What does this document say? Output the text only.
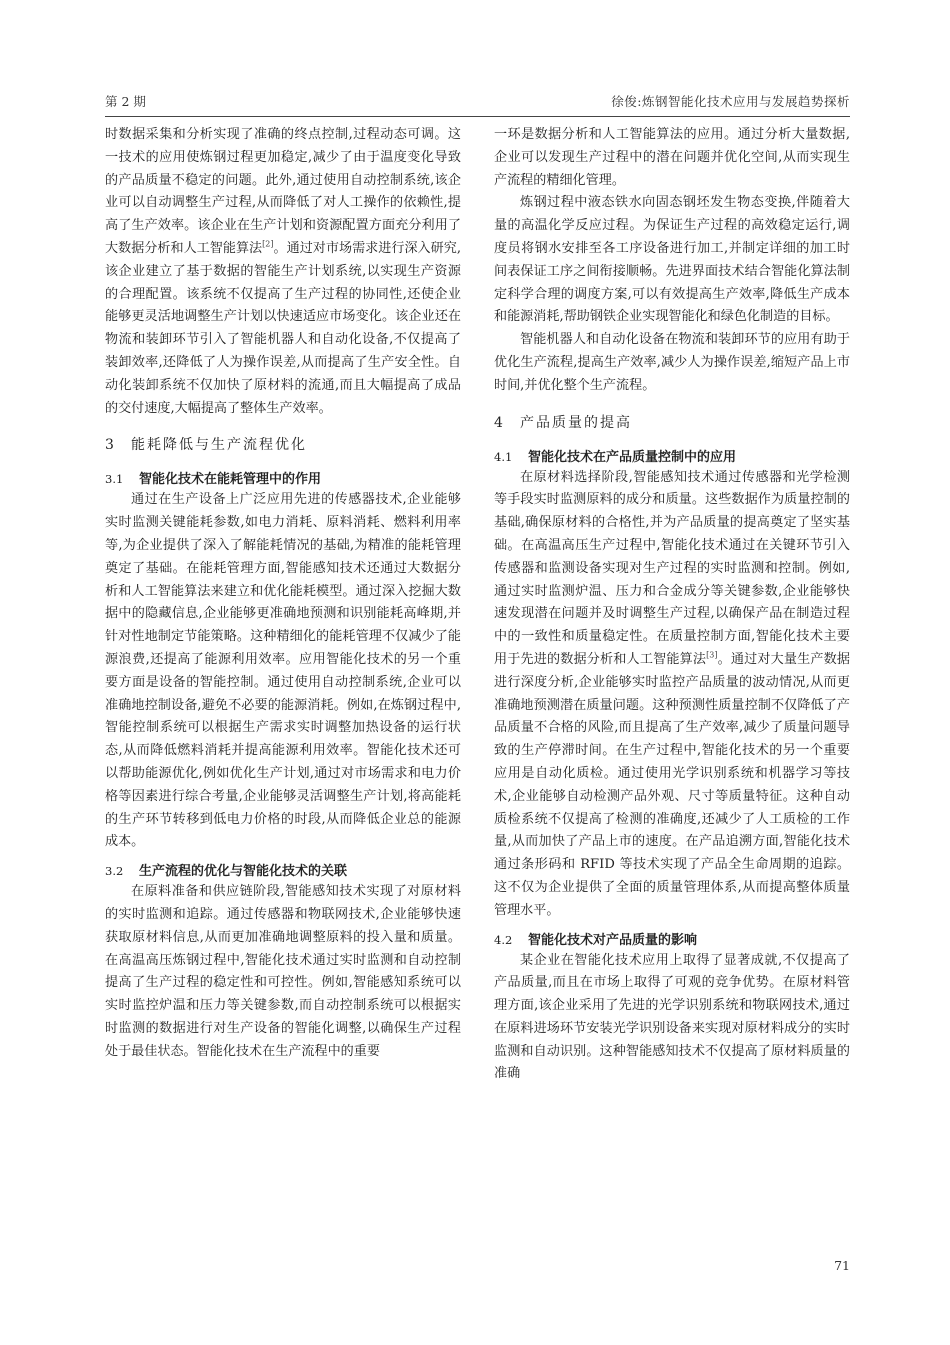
第 2 期	徐俊:炼钢智能化技术应用与发展趋势探析

时数据采集和分析实现了准确的终点控制,过程动态可调。这一技术的应用使炼钢过程更加稳定,减少了由于温度变化导致的产品质量不稳定的问题。此外,通过使用自动控制系统,该企业可以自动调整生产过程,从而降低了对人工操作的依赖性,提高了生产效率。该企业在生产计划和资源配置方面充分利用了大数据分析和人工智能算法[2]。通过对市场需求进行深入研究,该企业建立了基于数据的智能生产计划系统,以实现生产资源的合理配置。该系统不仅提高了生产过程的协同性,还使企业能够更灵活地调整生产计划以快速适应市场变化。该企业还在物流和装卸环节引入了智能机器人和自动化设备,不仅提高了装卸效率,还降低了人为操作误差,从而提高了生产安全性。自动化装卸系统不仅加快了原材料的流通,而且大幅提高了成品的交付速度,大幅提高了整体生产效率。

3 能耗降低与生产流程优化
3.1 智能化技术在能耗管理中的作用

通过在生产设备上广泛应用先进的传感器技术,企业能够实时监测关键能耗参数,如电力消耗、原料消耗、燃料利用率等,为企业提供了深入了解能耗情况的基础,为精准的能耗管理奠定了基础。在能耗管理方面,智能感知技术还通过大数据分析和人工智能算法来建立和优化能耗模型。通过深入挖掘大数据中的隐藏信息,企业能够更准确地预测和识别能耗高峰期,并针对性地制定节能策略。这种精细化的能耗管理不仅减少了能源浪费,还提高了能源利用效率。应用智能化技术的另一个重要方面是设备的智能控制。通过使用自动控制系统,企业可以准确地控制设备,避免不必要的能源消耗。例如,在炼钢过程中,智能控制系统可以根据生产需求实时调整加热设备的运行状态,从而降低燃料消耗并提高能源利用效率。智能化技术还可以帮助能源优化,例如优化生产计划,通过对市场需求和电力价格等因素进行综合考量,企业能够灵活调整生产计划,将高能耗的生产环节转移到低电力价格的时段,从而降低企业总的能源成本。

3.2 生产流程的优化与智能化技术的关联

在原料准备和供应链阶段,智能感知技术实现了对原材料的实时监测和追踪。通过传感器和物联网技术,企业能够快速获取原材料信息,从而更加准确地调整原料的投入量和质量。在高温高压炼钢过程中,智能化技术通过实时监测和自动控制提高了生产过程的稳定性和可控性。例如,智能感知系统可以实时监控炉温和压力等关键参数,而自动控制系统可以根据实时监测的数据进行对生产设备的智能化调整,以确保生产过程处于最佳状态。智能化技术在生产流程中的重要

一环是数据分析和人工智能算法的应用。通过分析大量数据,企业可以发现生产过程中的潜在问题并优化空间,从而实现生产流程的精细化管理。

炼钢过程中液态铁水向固态钢坯发生物态变换,伴随着大量的高温化学反应过程。为保证生产过程的高效稳定运行,调度员将钢水安排至各工序设备进行加工,并制定详细的加工时间表保证工序之间衔接顺畅。先进界面技术结合智能化算法制定科学合理的调度方案,可以有效提高生产效率,降低生产成本和能源消耗,帮助钢铁企业实现智能化和绿色化制造的目标。

智能机器人和自动化设备在物流和装卸环节的应用有助于优化生产流程,提高生产效率,减少人为操作误差,缩短产品上市时间,并优化整个生产流程。

4 产品质量的提高
4.1 智能化技术在产品质量控制中的应用

在原材料选择阶段,智能感知技术通过传感器和光学检测等手段实时监测原料的成分和质量。这些数据作为质量控制的基础,确保原材料的合格性,并为产品质量的提高奠定了坚实基础。在高温高压生产过程中,智能化技术通过在关键环节引入传感器和监测设备实现对生产过程的实时监测和控制。例如,通过实时监测炉温、压力和合金成分等关键参数,企业能够快速发现潜在问题并及时调整生产过程,以确保产品在制造过程中的一致性和质量稳定性。在质量控制方面,智能化技术主要用于先进的数据分析和人工智能算法[3]。通过对大量生产数据进行深度分析,企业能够实时监控产品质量的波动情况,从而更准确地预测潜在质量问题。这种预测性质量控制不仅降低了产品质量不合格的风险,而且提高了生产效率,减少了质量问题导致的生产停滞时间。在生产过程中,智能化技术的另一个重要应用是自动化质检。通过使用光学识别系统和机器学习等技术,企业能够自动检测产品外观、尺寸等质量特征。这种自动质检系统不仅提高了检测的准确度,还减少了人工质检的工作量,从而加快了产品上市的速度。在产品追溯方面,智能化技术通过条形码和 RFID 等技术实现了产品全生命周期的追踪。这不仅为企业提供了全面的质量管理体系,从而提高整体质量管理水平。

4.2 智能化技术对产品质量的影响

某企业在智能化技术应用上取得了显著成就,不仅提高了产品质量,而且在市场上取得了可观的竞争优势。在原材料管理方面,该企业采用了先进的光学识别系统和物联网技术,通过在原料进场环节安装光学识别设备来实现对原材料成分的实时监测和自动识别。这种智能感知技术不仅提高了原材料质量的准确

71
